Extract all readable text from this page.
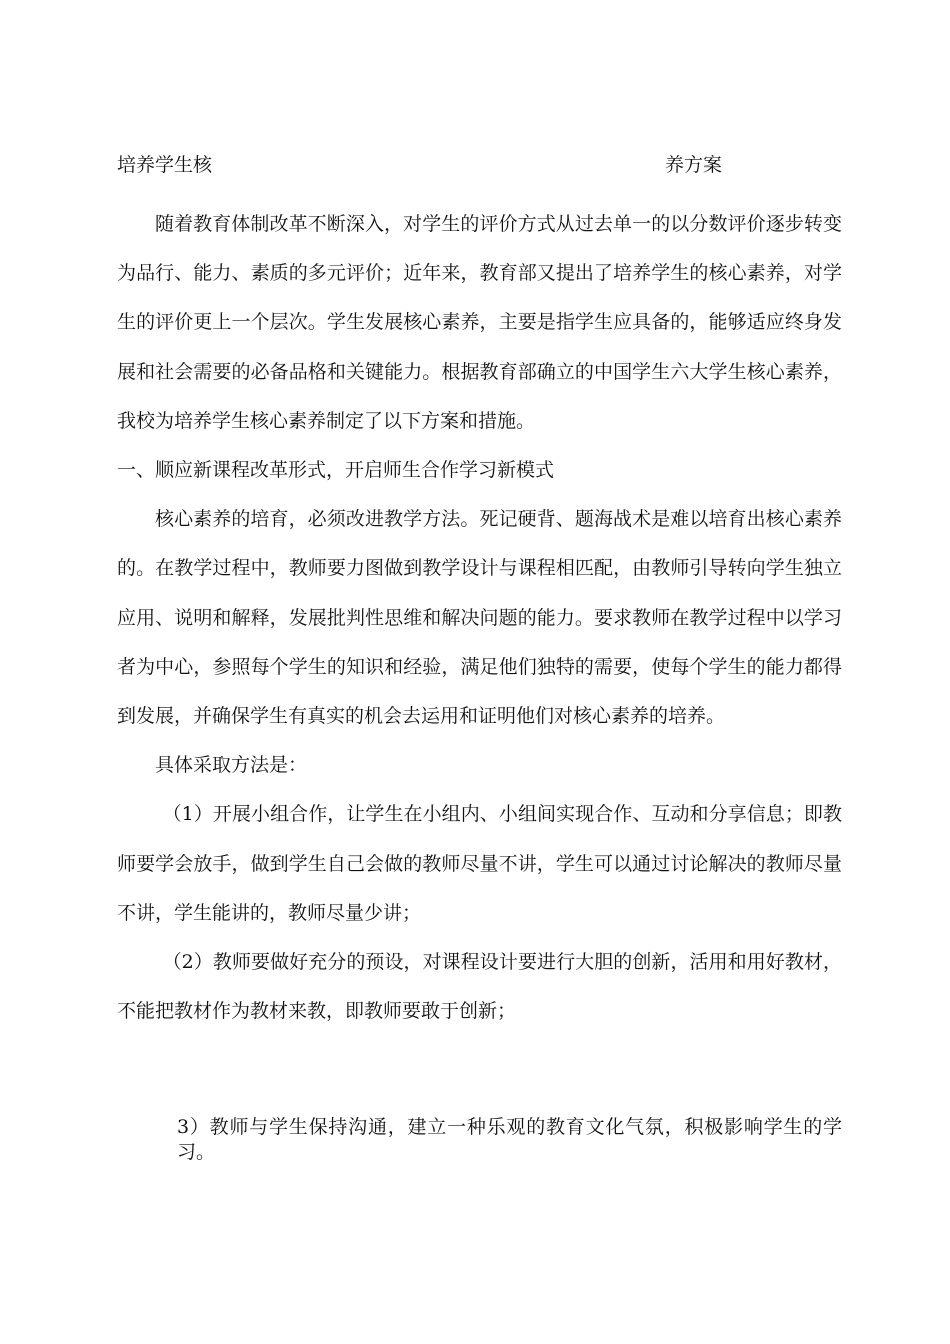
培养学生核	养方案

随着教育体制改革不断深入，对学生的评价方式从过去单一的以分数评价逐步转变为品行、能力、素质的多元评价；近年来，教育部又提出了培养学生的核心素养，对学生的评价更上一个层次。学生发展核心素养，主要是指学生应具备的，能够适应终身发展和社会需要的必备品格和关键能力。根据教育部确立的中国学生六大学生核心素养，我校为培养学生核心素养制定了以下方案和措施。

一、顺应新课程改革形式，开启师生合作学习新模式

核心素养的培育，必须改进教学方法。死记硬背、题海战术是难以培育出核心素养的。在教学过程中，教师要力图做到教学设计与课程相匹配，由教师引导转向学生独立应用、说明和解释，发展批判性思维和解决问题的能力。要求教师在教学过程中以学习者为中心，参照每个学生的知识和经验，满足他们独特的需要，使每个学生的能力都得到发展，并确保学生有真实的机会去运用和证明他们对核心素养的培养。

具体采取方法是：

（1）开展小组合作，让学生在小组内、小组间实现合作、互动和分享信息；即教师要学会放手，做到学生自己会做的教师尽量不讲，学生可以通过讨论解决的教师尽量不讲，学生能讲的，教师尽量少讲；

（2）教师要做好充分的预设，对课程设计要进行大胆的创新，活用和用好教材，不能把教材作为教材来教，即教师要敢于创新；

3）教师与学生保持沟通，建立一种乐观的教育文化气氛，积极影响学生的学习。
